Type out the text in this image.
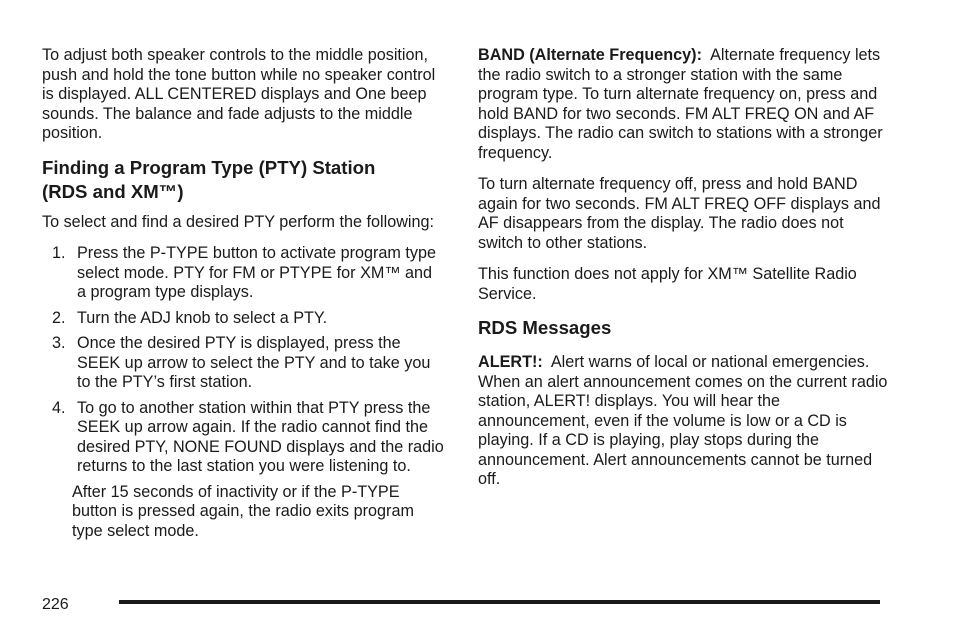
To adjust both speaker controls to the middle position, push and hold the tone button while no speaker control is displayed. ALL CENTERED displays and One beep sounds. The balance and fade adjusts to the middle position.

Finding a Program Type (PTY) Station
(RDS and XM™)

To select and find a desired PTY perform the following:

1. Press the P-TYPE button to activate program type select mode. PTY for FM or PTYPE for XM™ and a program type displays.
2. Turn the ADJ knob to select a PTY.
3. Once the desired PTY is displayed, press the SEEK up arrow to select the PTY and to take you to the PTY’s first station.
4. To go to another station within that PTY press the SEEK up arrow again. If the radio cannot find the desired PTY, NONE FOUND displays and the radio returns to the last station you were listening to.

After 15 seconds of inactivity or if the P-TYPE button is pressed again, the radio exits program type select mode.

BAND (Alternate Frequency): Alternate frequency lets the radio switch to a stronger station with the same program type. To turn alternate frequency on, press and hold BAND for two seconds. FM ALT FREQ ON and AF displays. The radio can switch to stations with a stronger frequency.

To turn alternate frequency off, press and hold BAND again for two seconds. FM ALT FREQ OFF displays and AF disappears from the display. The radio does not switch to other stations.

This function does not apply for XM™ Satellite Radio Service.

RDS Messages

ALERT!: Alert warns of local or national emergencies. When an alert announcement comes on the current radio station, ALERT! displays. You will hear the announcement, even if the volume is low or a CD is playing. If a CD is playing, play stops during the announcement. Alert announcements cannot be turned off.

226
